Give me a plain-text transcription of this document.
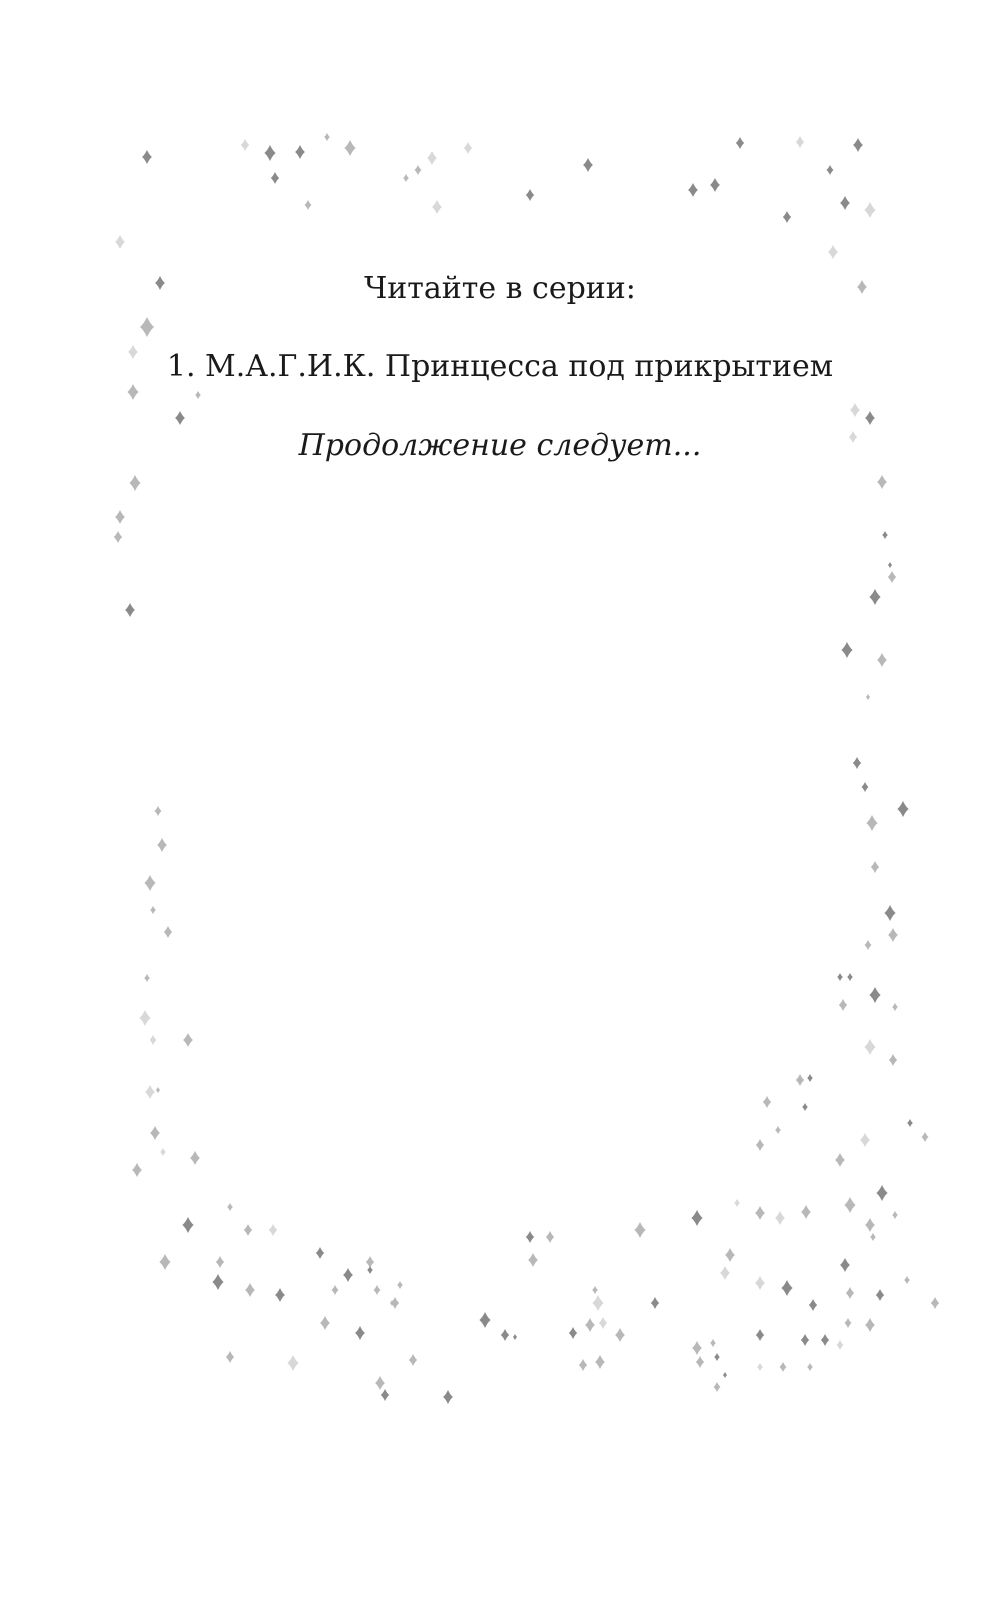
Читайте в серии:
1. М.А.Г.И.К. Принцесса под прикрытием
Продолжение следует...
